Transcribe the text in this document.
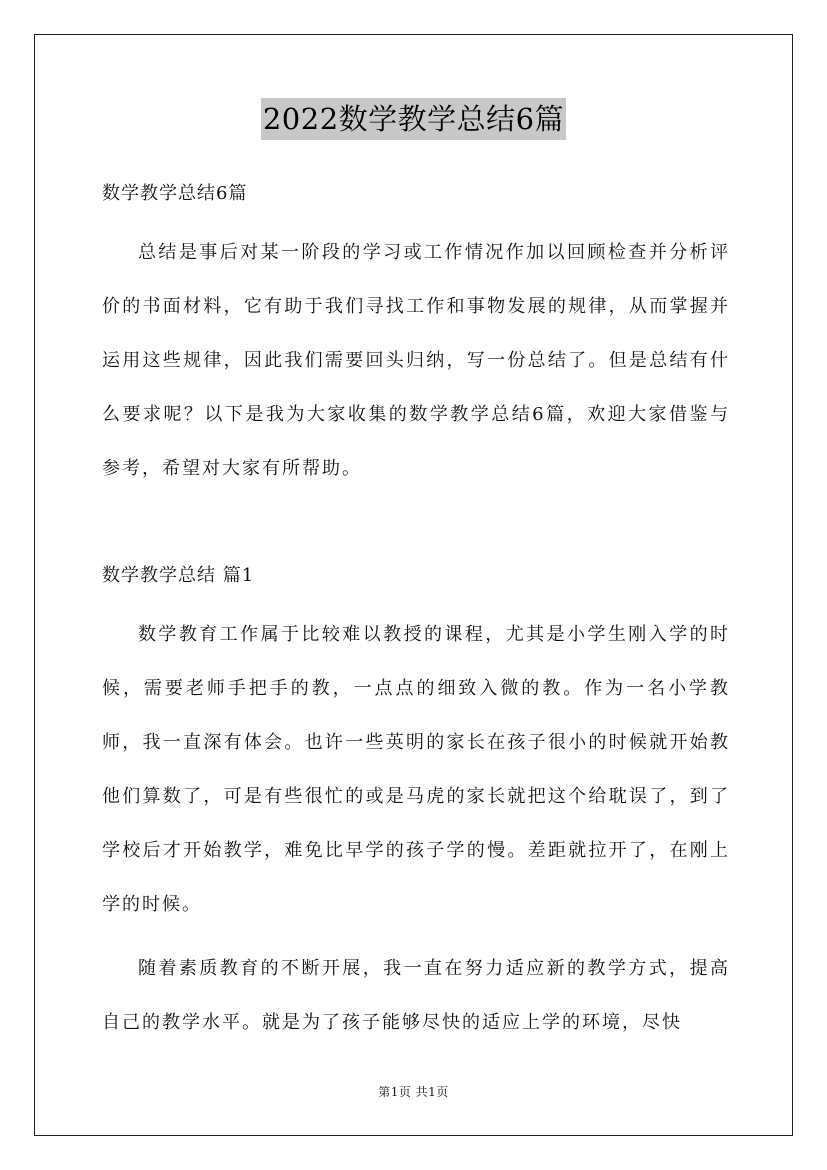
2022数学教学总结6篇

数学教学总结6篇

总结是事后对某一阶段的学习或工作情况作加以回顾检查并分析评价的书面材料，它有助于我们寻找工作和事物发展的规律，从而掌握并运用这些规律，因此我们需要回头归纳，写一份总结了。但是总结有什么要求呢？以下是我为大家收集的数学教学总结6篇，欢迎大家借鉴与参考，希望对大家有所帮助。

数学教学总结 篇1

数学教育工作属于比较难以教授的课程，尤其是小学生刚入学的时候，需要老师手把手的教，一点点的细致入微的教。作为一名小学教师，我一直深有体会。也许一些英明的家长在孩子很小的时候就开始教他们算数了，可是有些很忙的或是马虎的家长就把这个给耽误了，到了学校后才开始教学，难免比早学的孩子学的慢。差距就拉开了，在刚上学的时候。

随着素质教育的不断开展，我一直在努力适应新的教学方式，提高自己的教学水平。就是为了孩子能够尽快的适应上学的环境，尽快

第1页 共1页
